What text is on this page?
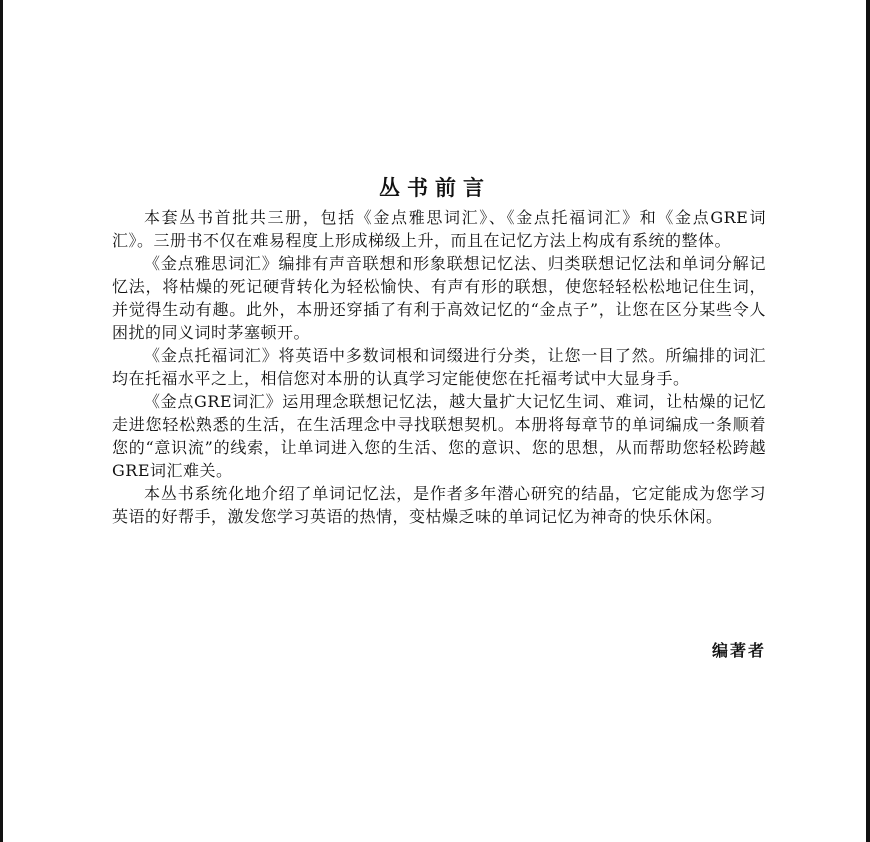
丛书前言

本套丛书首批共三册，包括《金点雅思词汇》、《金点托福词汇》和《金点GRE词汇》。三册书不仅在难易程度上形成梯级上升，而且在记忆方法上构成有系统的整体。

《金点雅思词汇》编排有声音联想和形象联想记忆法、归类联想记忆法和单词分解记忆法，将枯燥的死记硬背转化为轻松愉快、有声有形的联想，使您轻轻松松地记住生词，并觉得生动有趣。此外，本册还穿插了有利于高效记忆的“金点子”，让您在区分某些令人困扰的同义词时茅塞顿开。

《金点托福词汇》将英语中多数词根和词缀进行分类，让您一目了然。所编排的词汇均在托福水平之上，相信您对本册的认真学习定能使您在托福考试中大显身手。

《金点GRE词汇》运用理念联想记忆法，越大量扩大记忆生词、难词，让枯燥的记忆走进您轻松熟悉的生活，在生活理念中寻找联想契机。本册将每章节的单词编成一条顺着您的“意识流”的线索，让单词进入您的生活、您的意识、您的思想，从而帮助您轻松跨越GRE词汇难关。

本丛书系统化地介绍了单词记忆法，是作者多年潜心研究的结晶，它定能成为您学习英语的好帮手，激发您学习英语的热情，变枯燥乏味的单词记忆为神奇的快乐休闲。

编著者
